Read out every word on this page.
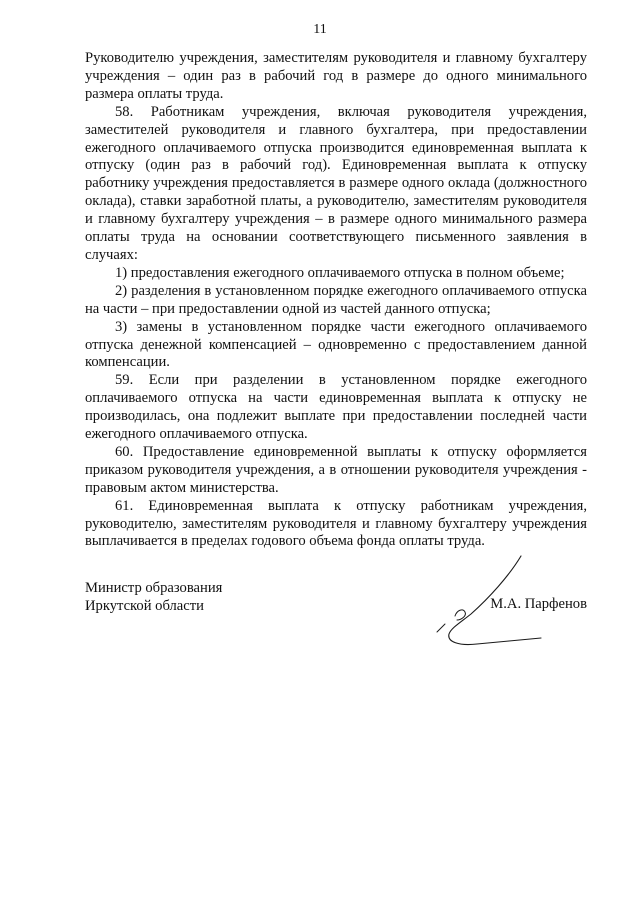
11

Руководителю учреждения, заместителям руководителя и главному бухгалтеру учреждения – один раз в рабочий год в размере до одного минимального размера оплаты труда.

58. Работникам учреждения, включая руководителя учреждения, заместителей руководителя и главного бухгалтера, при предоставлении ежегодного оплачиваемого отпуска производится единовременная выплата к отпуску (один раз в рабочий год). Единовременная выплата к отпуску работнику учреждения предоставляется в размере одного оклада (должностного оклада), ставки заработной платы, а руководителю, заместителям руководителя и главному бухгалтеру учреждения – в размере одного минимального размера оплаты труда на основании соответствующего письменного заявления в случаях:

1) предоставления ежегодного оплачиваемого отпуска в полном объеме;

2) разделения в установленном порядке ежегодного оплачиваемого отпуска на части – при предоставлении одной из частей данного отпуска;

3) замены в установленном порядке части ежегодного оплачиваемого отпуска денежной компенсацией – одновременно с предоставлением данной компенсации.

59. Если при разделении в установленном порядке ежегодного оплачиваемого отпуска на части единовременная выплата к отпуску не производилась, она подлежит выплате при предоставлении последней части ежегодного оплачиваемого отпуска.

60. Предоставление единовременной выплаты к отпуску оформляется приказом руководителя учреждения, а в отношении руководителя учреждения - правовым актом министерства.

61. Единовременная выплата к отпуску работникам учреждения, руководителю, заместителям руководителя и главному бухгалтеру учреждения выплачивается в пределах годового объема фонда оплаты труда.

Министр образования
Иркутской области	М.А. Парфенов
